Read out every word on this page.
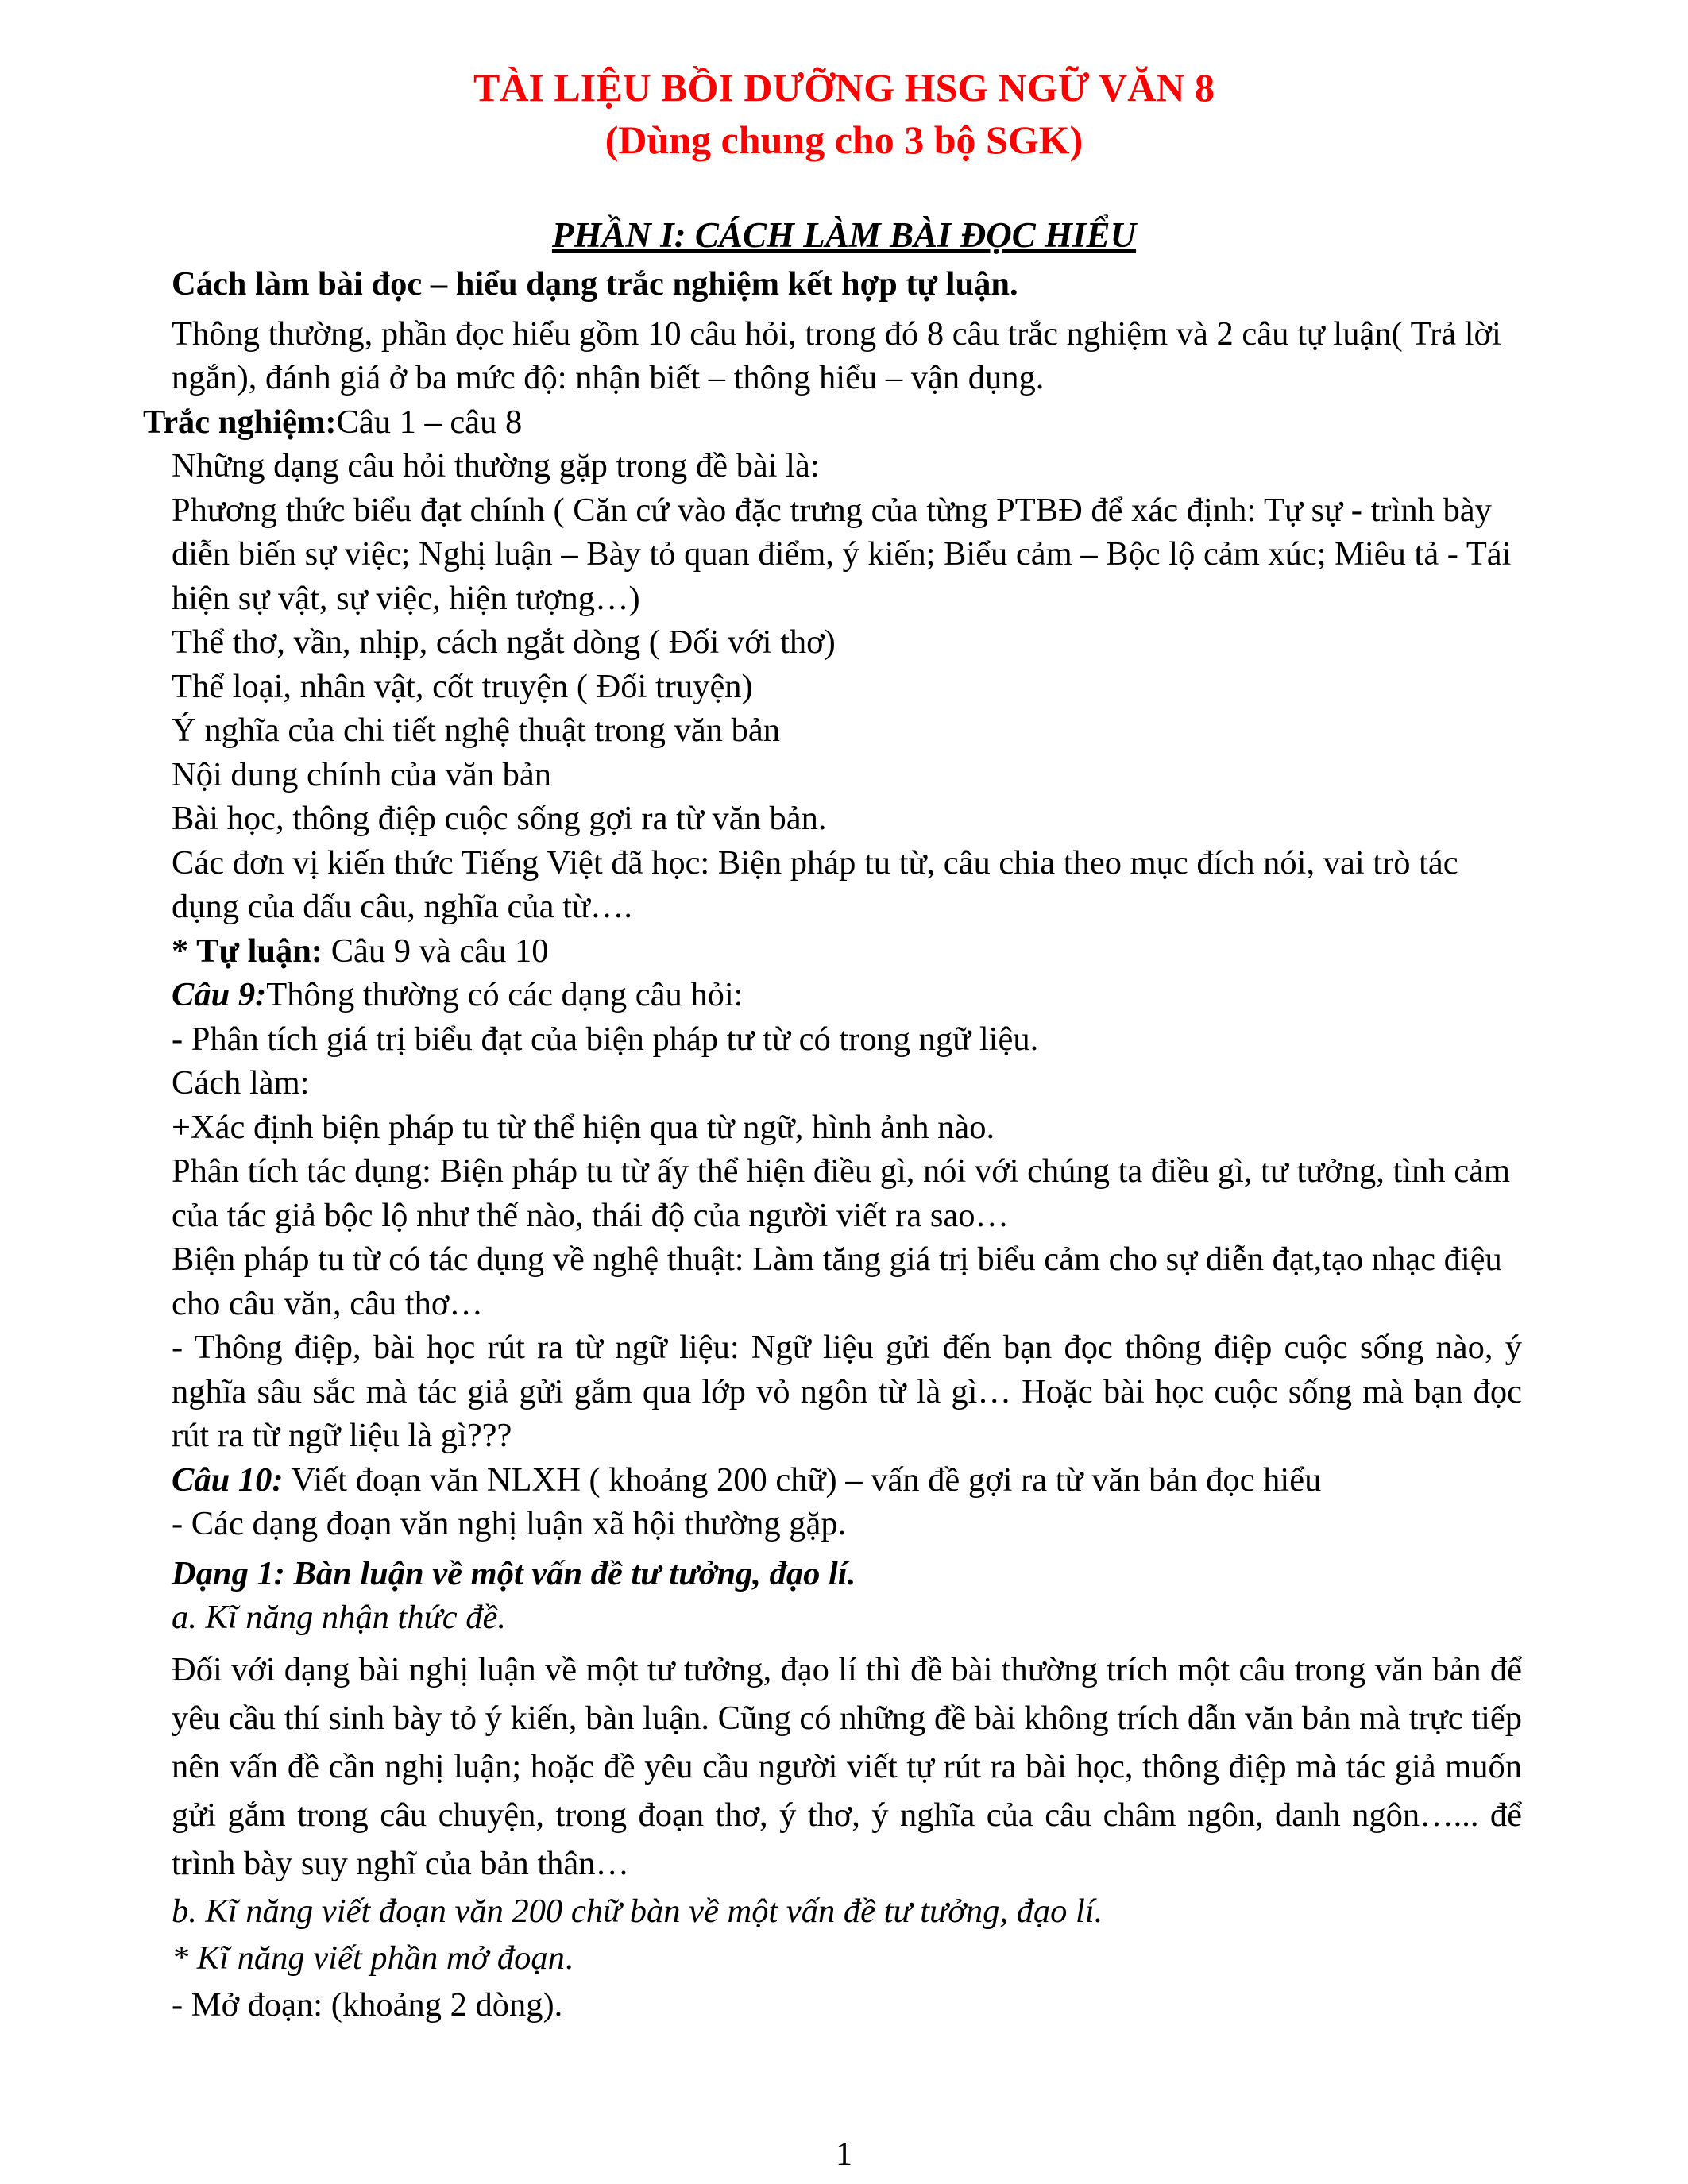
TÀI LIỆU BỒI DƯỠNG HSG NGỮ VĂN 8
(Dùng chung cho 3 bộ SGK)
PHẦN I: CÁCH LÀM BÀI ĐỌC HIỂU

Cách làm bài đọc – hiểu dạng trắc nghiệm kết hợp tự luận.

Thông thường, phần đọc hiểu gồm 10 câu hỏi, trong đó 8 câu trắc nghiệm và 2 câu tự luận( Trả lời ngắn), đánh giá ở ba mức độ: nhận biết – thông hiểu – vận dụng.

Trắc nghiệm:Câu 1 – câu 8

Những dạng câu hỏi thường gặp trong đề bài là:

Phương thức biểu đạt chính ( Căn cứ vào đặc trưng của từng PTBĐ để xác định: Tự sự - trình bày diễn biến sự việc; Nghị luận – Bày tỏ quan điểm, ý kiến; Biểu cảm – Bộc lộ cảm xúc; Miêu tả - Tái hiện sự vật, sự việc, hiện tượng…)

Thể thơ, vần, nhịp, cách ngắt dòng ( Đối với thơ)

Thể loại, nhân vật, cốt truyện ( Đối truyện)

Ý nghĩa của chi tiết nghệ thuật trong văn bản

Nội dung chính của văn bản

Bài học, thông điệp cuộc sống gợi ra từ văn bản.

Các đơn vị kiến thức Tiếng Việt đã học: Biện pháp tu từ, câu chia theo mục đích nói, vai trò tác dụng của dấu câu, nghĩa của từ….

* Tự luận: Câu 9 và câu 10

Câu 9:Thông thường có các dạng câu hỏi:

- Phân tích giá trị biểu đạt của biện pháp tư từ có trong ngữ liệu.

Cách làm:

+Xác định biện pháp tu từ thể hiện qua từ ngữ, hình ảnh nào.

Phân tích tác dụng: Biện pháp tu từ ấy thể hiện điều gì, nói với chúng ta điều gì, tư tưởng, tình cảm của tác giả bộc lộ như thế nào, thái độ của người viết ra sao…

Biện pháp tu từ có tác dụng về nghệ thuật: Làm tăng giá trị biểu cảm cho sự diễn đạt,tạo nhạc điệu cho câu văn, câu thơ…

- Thông điệp, bài học rút ra từ ngữ liệu: Ngữ liệu gửi đến bạn đọc thông điệp cuộc sống nào, ý nghĩa sâu sắc mà tác giả gửi gắm qua lớp vỏ ngôn từ là gì… Hoặc bài học cuộc sống mà bạn đọc rút ra từ ngữ liệu là gì???

Câu 10: Viết đoạn văn NLXH ( khoảng 200 chữ) – vấn đề gợi ra từ văn bản đọc hiểu

- Các dạng đoạn văn nghị luận xã hội thường gặp.

Dạng 1: Bàn luận về một vấn đề tư tưởng, đạo lí.

a. Kĩ năng nhận thức đề.

Đối với dạng bài nghị luận về một tư tưởng, đạo lí thì đề bài thường trích một câu trong văn bản để yêu cầu thí sinh bày tỏ ý kiến, bàn luận. Cũng có những đề bài không trích dẫn văn bản mà trực tiếp nên vấn đề cần nghị luận; hoặc đề yêu cầu người viết tự rút ra bài học, thông điệp mà tác giả muốn gửi gắm trong câu chuyện, trong đoạn thơ, ý thơ, ý nghĩa của câu châm ngôn, danh ngôn…... để trình bày suy nghĩ của bản thân…

b. Kĩ năng viết đoạn văn 200 chữ bàn về một vấn đề tư tưởng, đạo lí.

* Kĩ năng viết phần mở đoạn.

- Mở đoạn: (khoảng 2 dòng).

1
